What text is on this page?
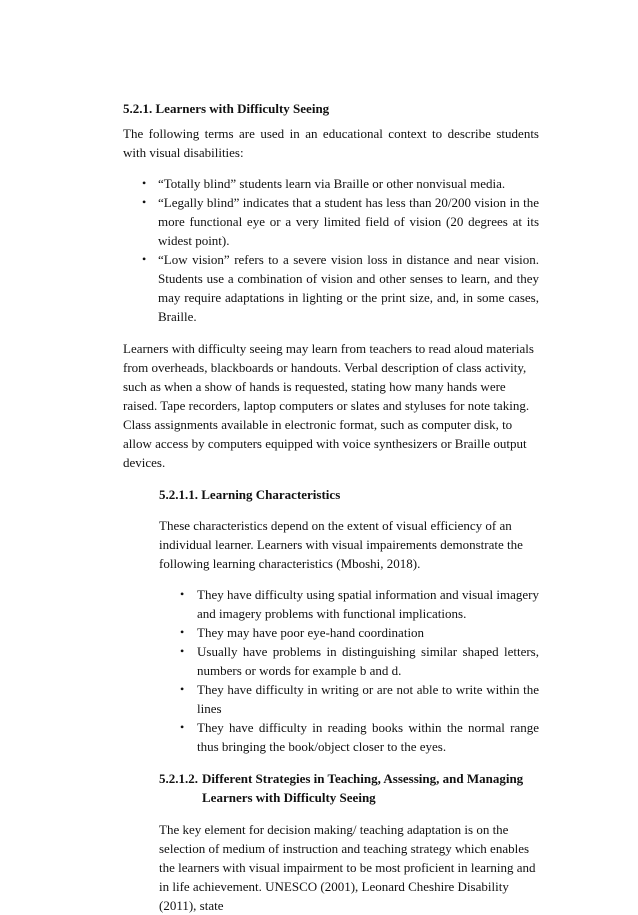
5.2.1. Learners with Difficulty Seeing

The following terms are used in an educational context to describe students with visual disabilities:

• “Totally blind” students learn via Braille or other nonvisual media.
• “Legally blind” indicates that a student has less than 20/200 vision in the more functional eye or a very limited field of vision (20 degrees at its widest point).
• “Low vision” refers to a severe vision loss in distance and near vision. Students use a combination of vision and other senses to learn, and they may require adaptations in lighting or the print size, and, in some cases, Braille.

Learners with difficulty seeing may learn from teachers to read aloud materials from overheads, blackboards or handouts. Verbal description of class activity, such as when a show of hands is requested, stating how many hands were raised. Tape recorders, laptop computers or slates and styluses for note taking. Class assignments available in electronic format, such as computer disk, to allow access by computers equipped with voice synthesizers or Braille output devices.

5.2.1.1. Learning Characteristics

These characteristics depend on the extent of visual efficiency of an individual learner. Learners with visual impairements demonstrate the following learning characteristics (Mboshi, 2018).

• They have difficulty using spatial information and visual imagery and imagery problems with functional implications.
• They may have poor eye-hand coordination
• Usually have problems in distinguishing similar shaped letters, numbers or words for example b and d.
• They have difficulty in writing or are not able to write within the lines
• They have difficulty in reading books within the normal range thus bringing the book/object closer to the eyes.
5.2.1.2. Different Strategies in Teaching, Assessing, and Managing Learners with Difficulty Seeing

The key element for decision making/ teaching adaptation is on the selection of medium of instruction and teaching strategy which enables the learners with visual impairment to be most proficient in learning and in life achievement. UNESCO (2001), Leonard Cheshire Disability (2011), state
